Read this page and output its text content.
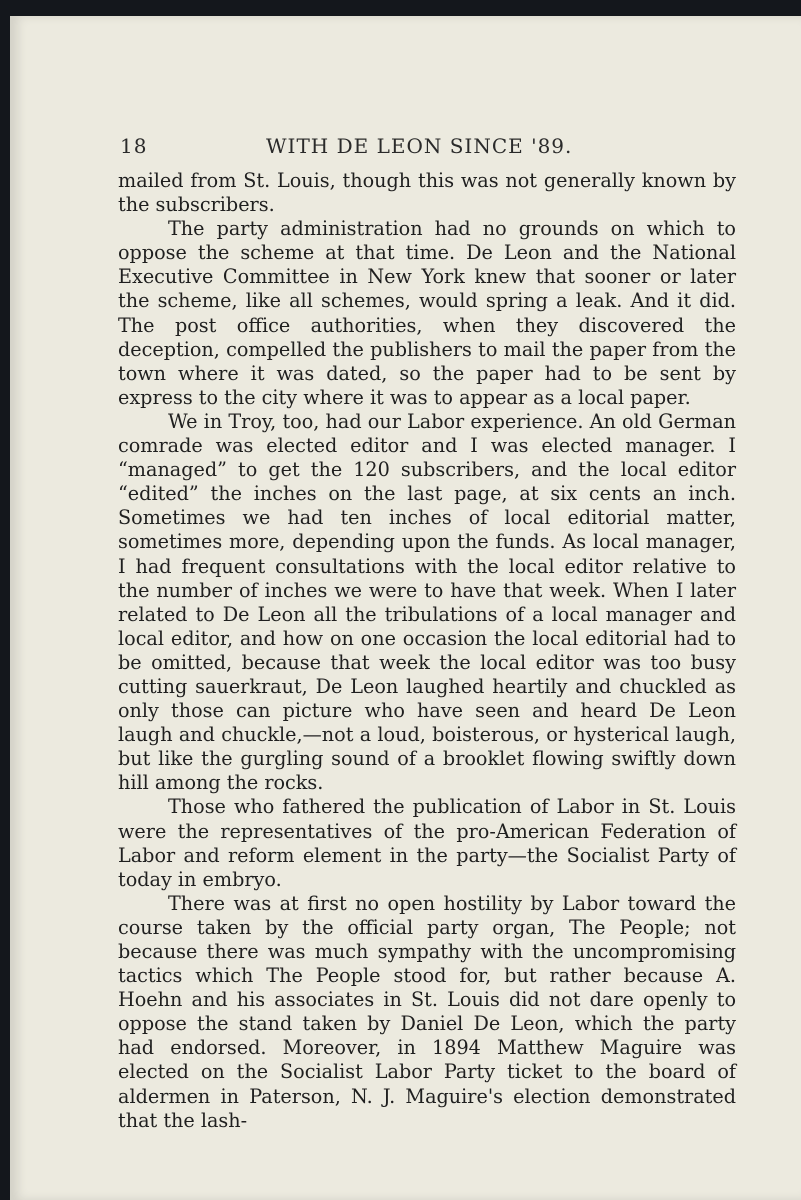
18	WITH DE LEON SINCE '89.

mailed from St. Louis, though this was not generally known by the subscribers.

The party administration had no grounds on which to oppose the scheme at that time. De Leon and the National Executive Committee in New York knew that sooner or later the scheme, like all schemes, would spring a leak. And it did. The post office authorities, when they discovered the deception, compelled the publishers to mail the paper from the town where it was dated, so the paper had to be sent by express to the city where it was to appear as a local paper.

We in Troy, too, had our Labor experience. An old German comrade was elected editor and I was elected manager. I “managed” to get the 120 subscribers, and the local editor “edited” the inches on the last page, at six cents an inch. Sometimes we had ten inches of local editorial matter, sometimes more, depending upon the funds. As local manager, I had frequent consultations with the local editor relative to the number of inches we were to have that week. When I later related to De Leon all the tribulations of a local manager and local editor, and how on one occasion the local editorial had to be omitted, because that week the local editor was too busy cutting sauerkraut, De Leon laughed heartily and chuckled as only those can picture who have seen and heard De Leon laugh and chuckle,—not a loud, boisterous, or hysterical laugh, but like the gurgling sound of a brooklet flowing swiftly down hill among the rocks.

Those who fathered the publication of Labor in St. Louis were the representatives of the pro-American Federation of Labor and reform element in the party—the Socialist Party of today in embryo.

There was at first no open hostility by Labor toward the course taken by the official party organ, The People; not because there was much sympathy with the uncompromising tactics which The People stood for, but rather because A. Hoehn and his associates in St. Louis did not dare openly to oppose the stand taken by Daniel De Leon, which the party had endorsed. Moreover, in 1894 Matthew Maguire was elected on the Socialist Labor Party ticket to the board of aldermen in Paterson, N. J. Maguire's election demonstrated that the lash-
